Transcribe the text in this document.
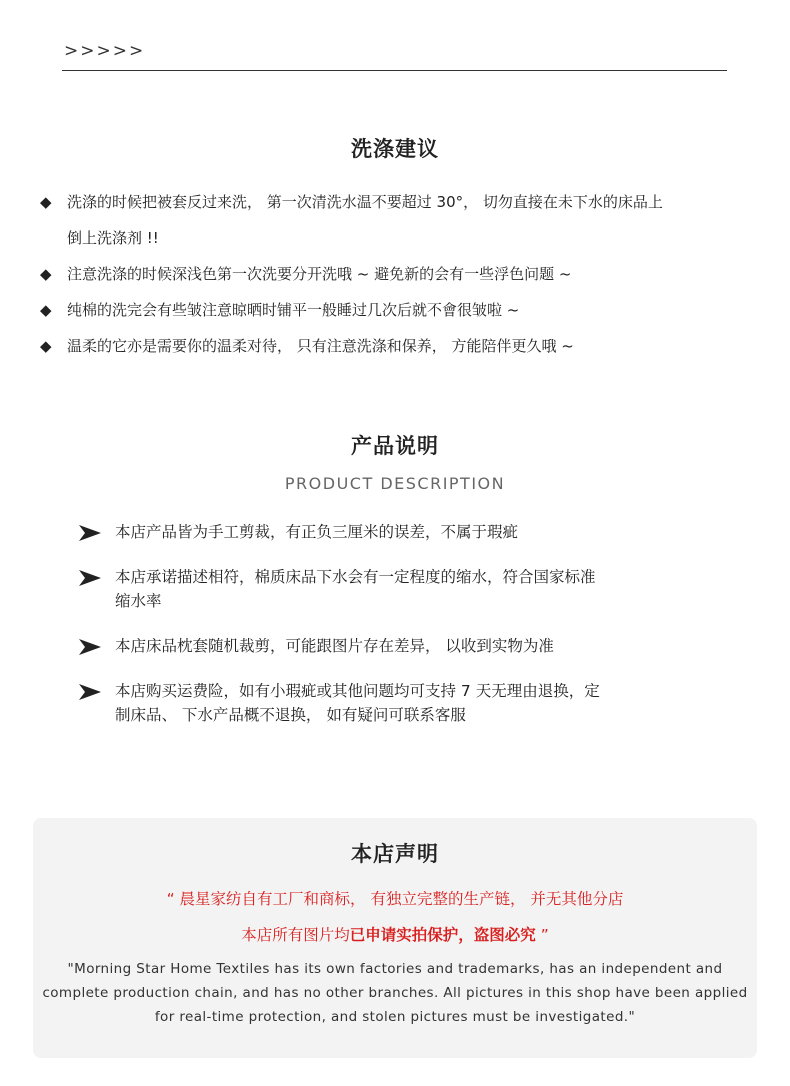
>>>>>
洗涤建议
◆ 洗涤的时候把被套反过来洗， 第一次清洗水温不要超过 30°， 切勿直接在未下水的床品上
倒上洗涤剂 !!
◆ 注意洗涤的时候深浅色第一次洗要分开洗哦 ~ 避免新的会有一些浮色问题 ~
◆ 纯棉的洗完会有些皱注意晾晒时铺平一般睡过几次后就不會很皱啦 ~
◆ 温柔的它亦是需要你的温柔对待， 只有注意洗涤和保养， 方能陪伴更久哦 ~
产品说明
PRODUCT DESCRIPTION
本店产品皆为手工剪裁，有正负三厘米的误差，不属于瑕疵
本店承诺描述相符，棉质床品下水会有一定程度的缩水，符合国家标准
缩水率
本店床品枕套随机裁剪，可能跟图片存在差异， 以收到实物为准
本店购买运费险，如有小瑕疵或其他问题均可支持 7 天无理由退换，定
制床品、 下水产品概不退换， 如有疑问可联系客服
本店声明
“ 晨星家纺自有工厂和商标， 有独立完整的生产链， 并无其他分店
本店所有图片均已申请实拍保护，盗图必究 ”
"Morning Star Home Textiles has its own factories and trademarks, has an independent and complete production chain, and has no other branches. All pictures in this shop have been applied for real-time protection, and stolen pictures must be investigated."
